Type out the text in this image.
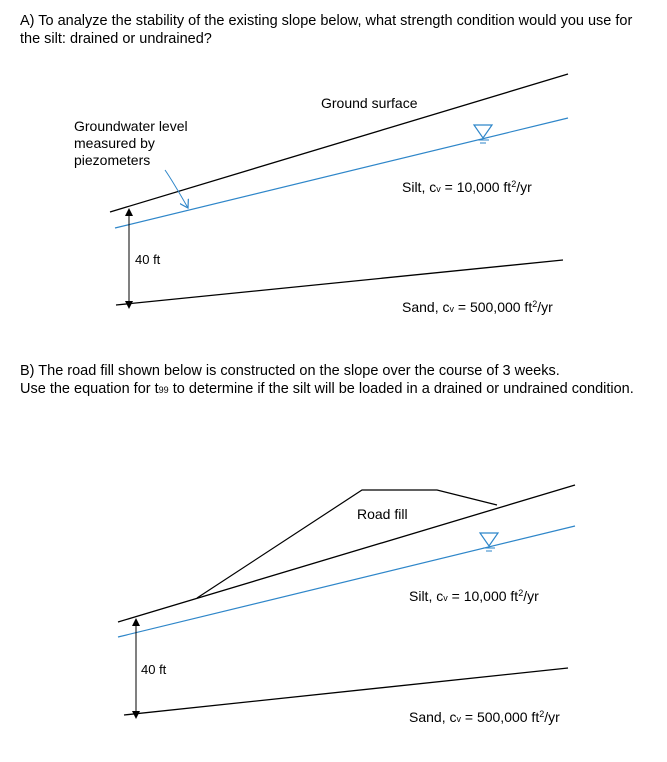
A) To analyze the stability of the existing slope below, what strength condition would you use for the silt: drained or undrained?

Ground surface
Groundwater level measured by piezometers
40 ft
Silt, cv = 10,000 $ft^2/yr$
Sand, cv = 500,000 $ft^2/yr$

B) The road fill shown below is constructed on the slope over the course of 3 weeks.
Use the equation for t99 to determine if the silt will be loaded in a drained or undrained condition.

Road fill
40 ft
Silt, cv = 10,000 $ft^2/yr$
Sand, cv = 500,000 $ft^2/yr$
